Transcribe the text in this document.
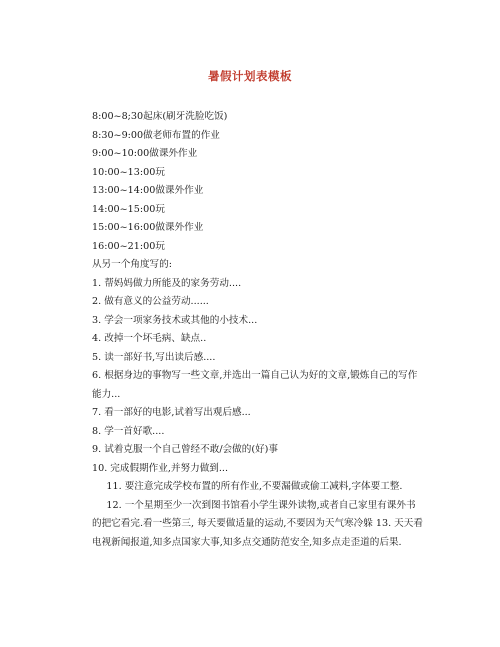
暑假计划表模板
8:00~8;30起床(刷牙洗脸吃饭)
8:30~9:00做老师布置的作业
9:00~10:00做课外作业
10:00~13:00玩
13:00~14:00做课外作业
14:00~15:00玩
15:00~16:00做课外作业
16:00~21:00玩
从另一个角度写的:
1. 帮妈妈做力所能及的家务劳动....
2. 做有意义的公益劳动......
3. 学会一项家务技术或其他的小技术...
4. 改掉一个坏毛病、缺点..
5. 读一部好书,写出读后感....
6. 根据身边的事物写一些文章,并选出一篇自己认为好的文章,锻炼自己的写作能力...
7. 看一部好的电影,试着写出观后感...
8. 学一首好歌....
9. 试着克服一个自己曾经不敢/会做的(好)事
10. 完成假期作业,并努力做到...
11. 要注意完成学校布置的所有作业,不要漏做或偷工减料,字体要工整.
12. 一个星期至少一次到图书馆看小学生课外读物,或者自己家里有课外书的把它看完.看一些第三, 每天要做适量的运动,不要因为天气寒冷躲 13. 天天看电视新闻报道,知多点国家大事,知多点交通防范安全,知多点走歪道的后果.
